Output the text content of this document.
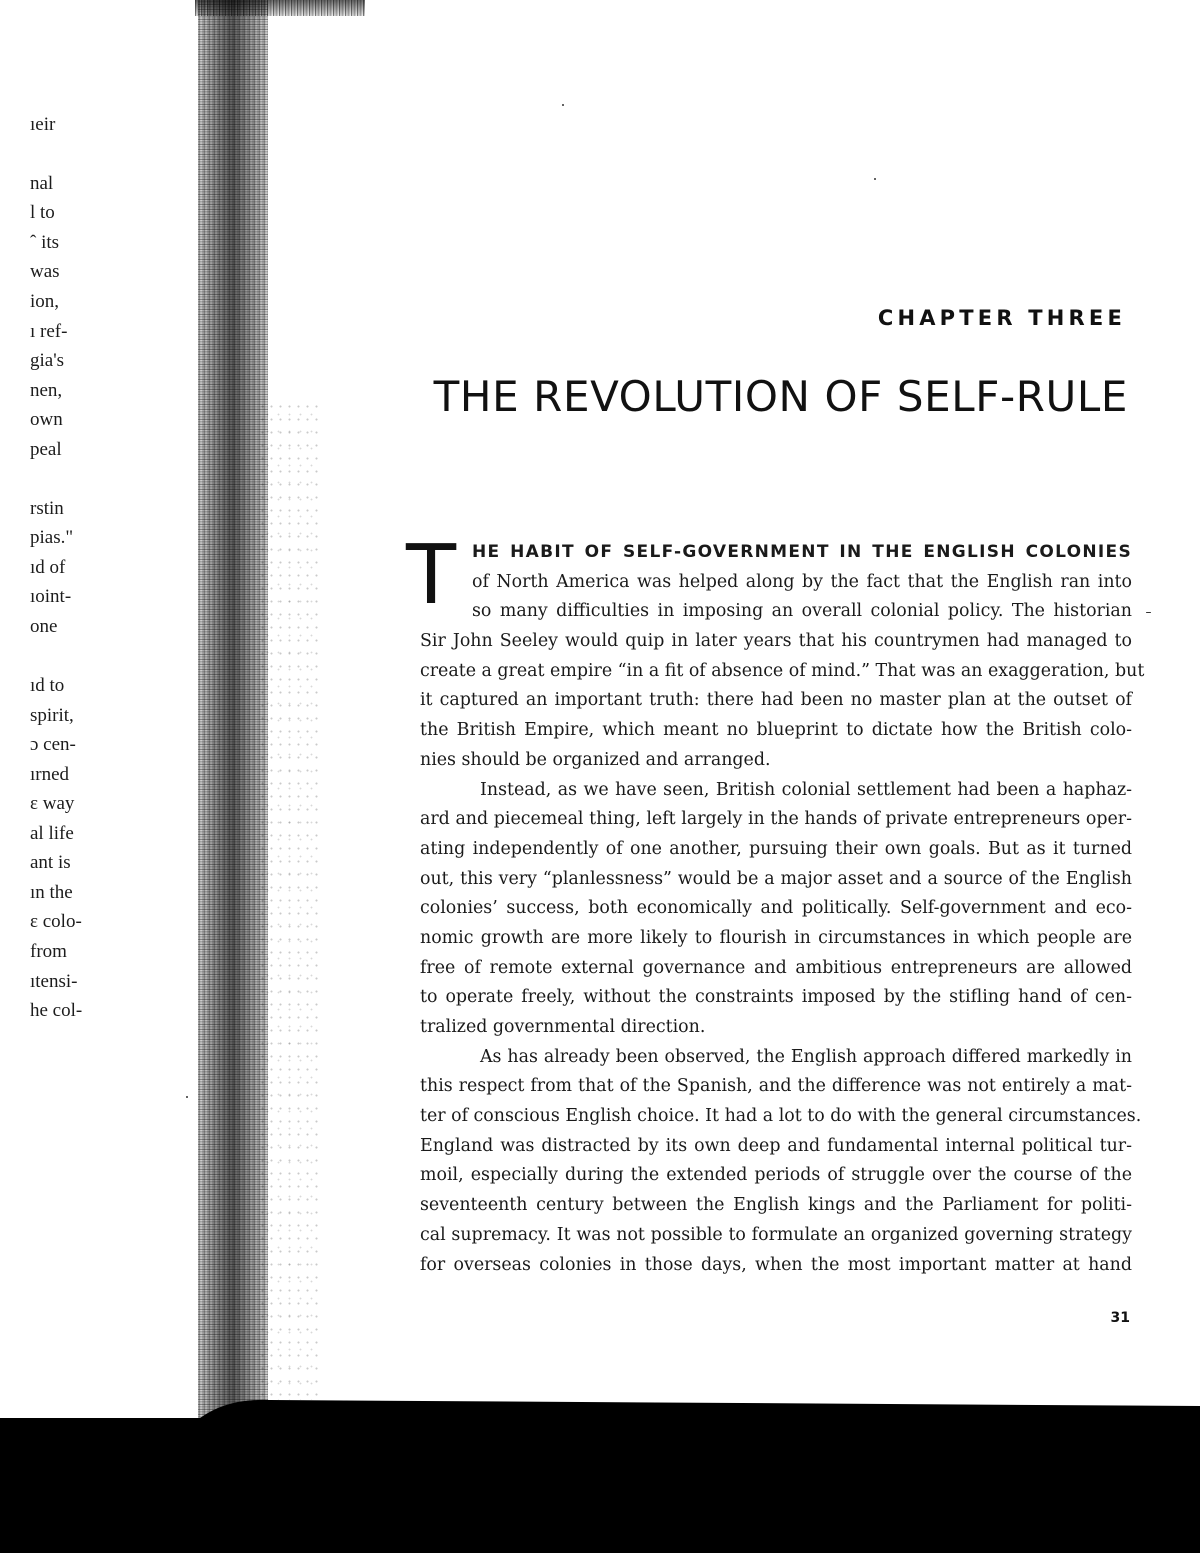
ıeir
nal
l to
ˆ its
was
ion,
ı ref-
gia's
nen,
own
peal
rstin
pias."
ıd of
ıoint-
one
ıd to
spirit,
ɔ cen-
ırned
ɛ way
al life
ant is
ın the
ɛ colo-
from
ıtensi-
he col-
CHAPTER THREE
THE REVOLUTION OF SELF-RULE
T HE HABIT OF SELF-GOVERNMENT IN THE ENGLISH COLONIES
of North America was helped along by the fact that the English ran into
so many difficulties in imposing an overall colonial policy. The historian
Sir John Seeley would quip in later years that his countrymen had managed to
create a great empire “in a fit of absence of mind.” That was an exaggeration, but
it captured an important truth: there had been no master plan at the outset of
the British Empire, which meant no blueprint to dictate how the British colo-
nies should be organized and arranged.
Instead, as we have seen, British colonial settlement had been a haphaz-
ard and piecemeal thing, left largely in the hands of private entrepreneurs oper-
ating independently of one another, pursuing their own goals. But as it turned
out, this very “planlessness” would be a major asset and a source of the English
colonies’ success, both economically and politically. Self-government and eco-
nomic growth are more likely to flourish in circumstances in which people are
free of remote external governance and ambitious entrepreneurs are allowed
to operate freely, without the constraints imposed by the stifling hand of cen-
tralized governmental direction.
As has already been observed, the English approach differed markedly in
this respect from that of the Spanish, and the difference was not entirely a mat-
ter of conscious English choice. It had a lot to do with the general circumstances.
England was distracted by its own deep and fundamental internal political tur-
moil, especially during the extended periods of struggle over the course of the
seventeenth century between the English kings and the Parliament for politi-
cal supremacy. It was not possible to formulate an organized governing strategy
for overseas colonies in those days, when the most important matter at hand
31
